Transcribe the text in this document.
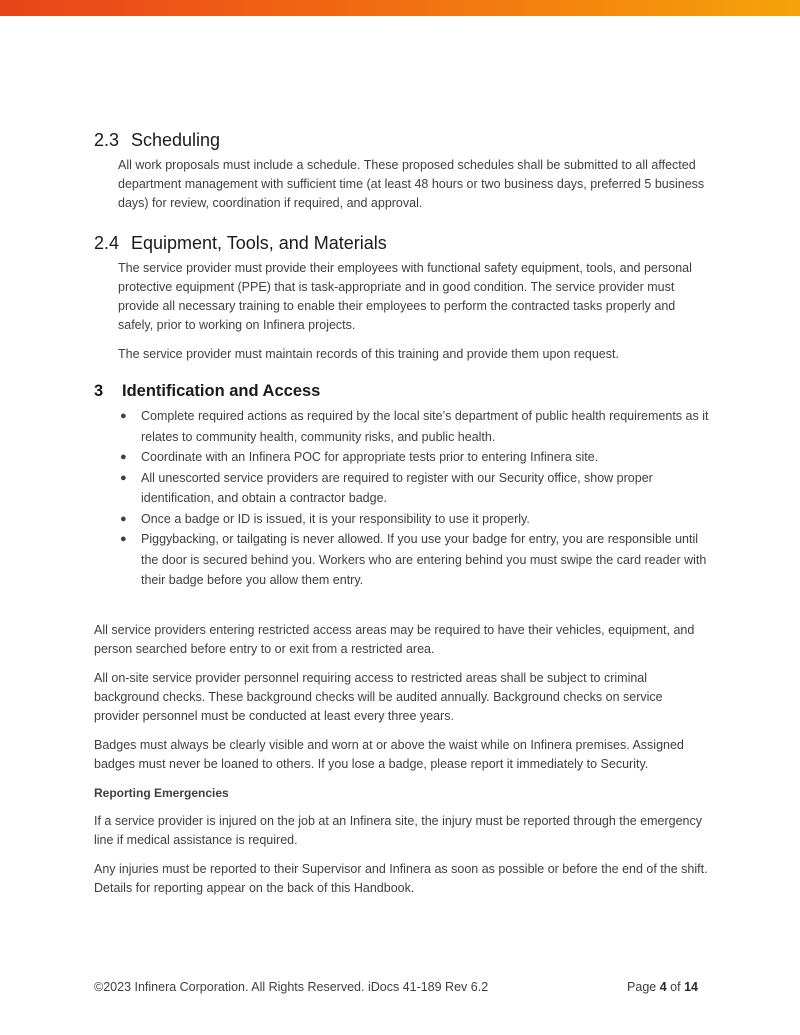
2.3 Scheduling

All work proposals must include a schedule. These proposed schedules shall be submitted to all affected department management with sufficient time (at least 48 hours or two business days, preferred 5 business days) for review, coordination if required, and approval.

2.4 Equipment, Tools, and Materials

The service provider must provide their employees with functional safety equipment, tools, and personal protective equipment (PPE) that is task-appropriate and in good condition. The service provider must provide all necessary training to enable their employees to perform the contracted tasks properly and safely, prior to working on Infinera projects.

The service provider must maintain records of this training and provide them upon request.

3 Identification and Access
● Complete required actions as required by the local site’s department of public health requirements as it relates to community health, community risks, and public health.
● Coordinate with an Infinera POC for appropriate tests prior to entering Infinera site.
● All unescorted service providers are required to register with our Security office, show proper identification, and obtain a contractor badge.
● Once a badge or ID is issued, it is your responsibility to use it properly.
● Piggybacking, or tailgating is never allowed. If you use your badge for entry, you are responsible until the door is secured behind you. Workers who are entering behind you must swipe the card reader with their badge before you allow them entry.

All service providers entering restricted access areas may be required to have their vehicles, equipment, and person searched before entry to or exit from a restricted area.

All on-site service provider personnel requiring access to restricted areas shall be subject to criminal background checks. These background checks will be audited annually. Background checks on service provider personnel must be conducted at least every three years.

Badges must always be clearly visible and worn at or above the waist while on Infinera premises. Assigned badges must never be loaned to others. If you lose a badge, please report it immediately to Security.

Reporting Emergencies

If a service provider is injured on the job at an Infinera site, the injury must be reported through the emergency line if medical assistance is required.

Any injuries must be reported to their Supervisor and Infinera as soon as possible or before the end of the shift. Details for reporting appear on the back of this Handbook.

©2023 Infinera Corporation. All Rights Reserved. iDocs 41-189 Rev 6.2	Page 4 of 14
